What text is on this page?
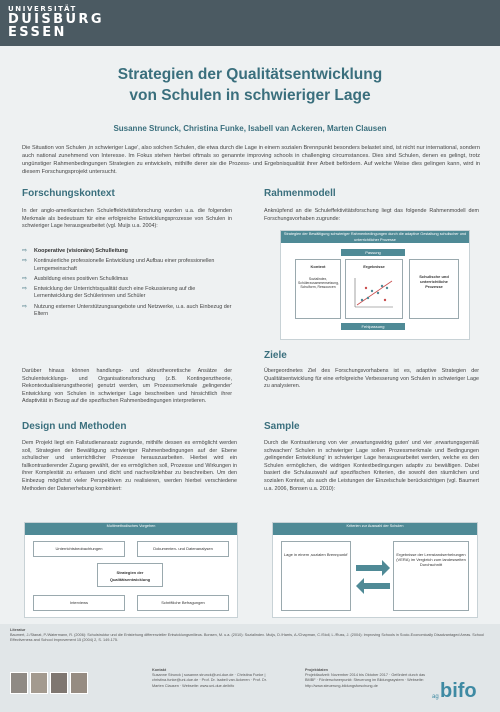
UNIVERSITÄT
DUISBURG
ESSEN
Strategien der Qualitätsentwicklung
von Schulen in schwieriger Lage
Susanne Strunck, Christina Funke, Isabell van Ackeren, Marten Clausen
Die Situation von Schulen ‚in schwieriger Lage', also solchen Schulen, die etwa durch die Lage in einem sozialen Brennpunkt besonders belastet sind, ist nicht nur international, sondern auch national zunehmend von Interesse. Im Fokus stehen hierbei oftmals so genannte improving schools in challenging circumstances. Dies sind Schulen, denen es gelingt, trotz ungünstiger Rahmenbedingungen Strategien zu entwickeln, mithilfe derer sie die Prozess- und Ergebnisqualität ihrer Arbeit befördern. Auf welche Weise dies gelingen kann, wird in diesem Forschungsprojekt untersucht.
Forschungskontext
In der anglo-amerikanischen Schuleffektivitätsforschung wurden u.a. die folgenden Merkmale als bedeutsam für eine erfolgreiche Entwicklungsprozesse von Schulen in schwieriger Lage herausgearbeitet (vgl. Muijs u.a. 2004):
⇨ Kooperative (visionäre) Schulleitung
⇨ Kontinuierliche professionelle Entwicklung und Aufbau einer professionellen Lerngemeinschaft
⇨ Ausbildung eines positiven Schulklimas
⇨ Entwicklung der Unterrichtsqualität durch eine Fokussierung auf die Lernentwicklung der Schülerinnen und Schüler
⇨ Nutzung externer Unterstützungsangebote und Netzwerke, u.a. auch Einbezug der Eltern
Darüber hinaus können handlungs- und akteurtheoretische Ansätze der Schulentwicklungs- und Organisationsforschung (z.B. Kontingenztheorie, Rekontextualisierungstheorie) genutzt werden, um Prozessmerkmale ‚gelingender' Entwicklung von Schulen in schwieriger Lage beschreiben und hinsichtlich ihrer Adaptivität in Bezug auf die spezifischen Rahmenbedingungen interpretieren.
Rahmenmodell
Anknüpfend an die Schuleffektivitätsforschung liegt das folgende Rahmenmodell dem Forschungsvorhaben zugrunde:
Strategien der Bewältigung schwieriger Rahmenbedingungen durch die adaptive Gestaltung schulischer und unterrichtlicher Prozesse
Passung
Kontext
Sozialindex, Schülerzusammensetzung, Schulform, Ressourcen
Ergebnisse
Schulische und unterrichtliche Prozesse
Fehlpassung
Ziele
Übergeordnetes Ziel des Forschungsvorhabens ist es, adaptive Strategien der Qualitätsentwicklung für eine erfolgreiche Verbesserung von Schulen in schwieriger Lage zu analysieren.
Design und Methoden
Dem Projekt liegt ein Fallstudienansatz zugrunde, mithilfe dessen es ermöglicht werden soll, Strategien der Bewältigung schwieriger Rahmenbedingungen auf der Ebene schulischer und unterrichtlicher Prozesse herauszuarbeiten. Hierbei wird ein fallkontrastierender Zugang gewählt, der es ermöglichen soll, Prozesse und Wirkungen in ihrer Komplexität zu erfassen und dicht und nachvollziehbar zu beschreiben. Um den Einbezug möglichst vieler Perspektiven zu realisieren, werden hierbei verschiedene Methoden der Datenerhebung kombiniert:
Multimethodisches Vorgehen
Unterrichtsbeobachtungen	Dokumenten- und Datenanalysen
Strategien der Qualitätsentwicklung
Interviews	Schriftliche Befragungen
Sample
Durch die Kontrastierung von vier ‚erwartungswidrig guten' und vier ‚erwartungsgemäß schwachen' Schulen in schwieriger Lage sollen Prozessmerkmale und Bedingungen ‚gelingender Entwicklung' in schwieriger Lage herausgearbeitet werden, welche es den Schulen ermöglichen, die widrigen Kontextbedingungen adaptiv zu bewältigen. Dabei basiert die Schulauswahl auf spezifischen Kriterien, die sowohl den räumlichen und sozialen Kontext, als auch die Leistungen der Einzelschule berücksichtigen (vgl. Baumert u.a. 2006, Bonsen u.a. 2010):
Kriterien zur Auswahl der Schulen
Lage in einem ‚sozialen Brennpunkt'	Ergebnisse der Lernstandserhebungen (VERA) im Vergleich zum landesweiten Durchschnitt
Literatur
Baumert, J./Stanat, P./Watermann, R. (2006): Schulstruktur und die Entstehung differenzieller Entwicklungsmilieus. Bonsen, M. u.a. (2010): Sozialindex. Muijs, D./Harris, A./Chapman, C./Stoll, L./Russ, J. (2004): Improving Schools in Socio-Economically Disadvantaged Areas. School Effectiveness and School Improvement 15 (2004) 2, S. 149-175.
Kontakt
Susanne Strunck | susanne.strunck@uni-due.de · Christina Funke | christina.funke@uni-due.de · Prof. Dr. Isabell van Ackeren · Prof. Dr. Marten Clausen · Webseite: www.uni-due.de/bifo
Projektdaten
Projektlaufzeit: November 2014 bis Oktober 2017 · Gefördert durch das BMBF · Förderschwerpunkt: Steuerung im Bildungssystem · Webseite: http://www.steuerung-bildungsforschung.de
ag bifo
